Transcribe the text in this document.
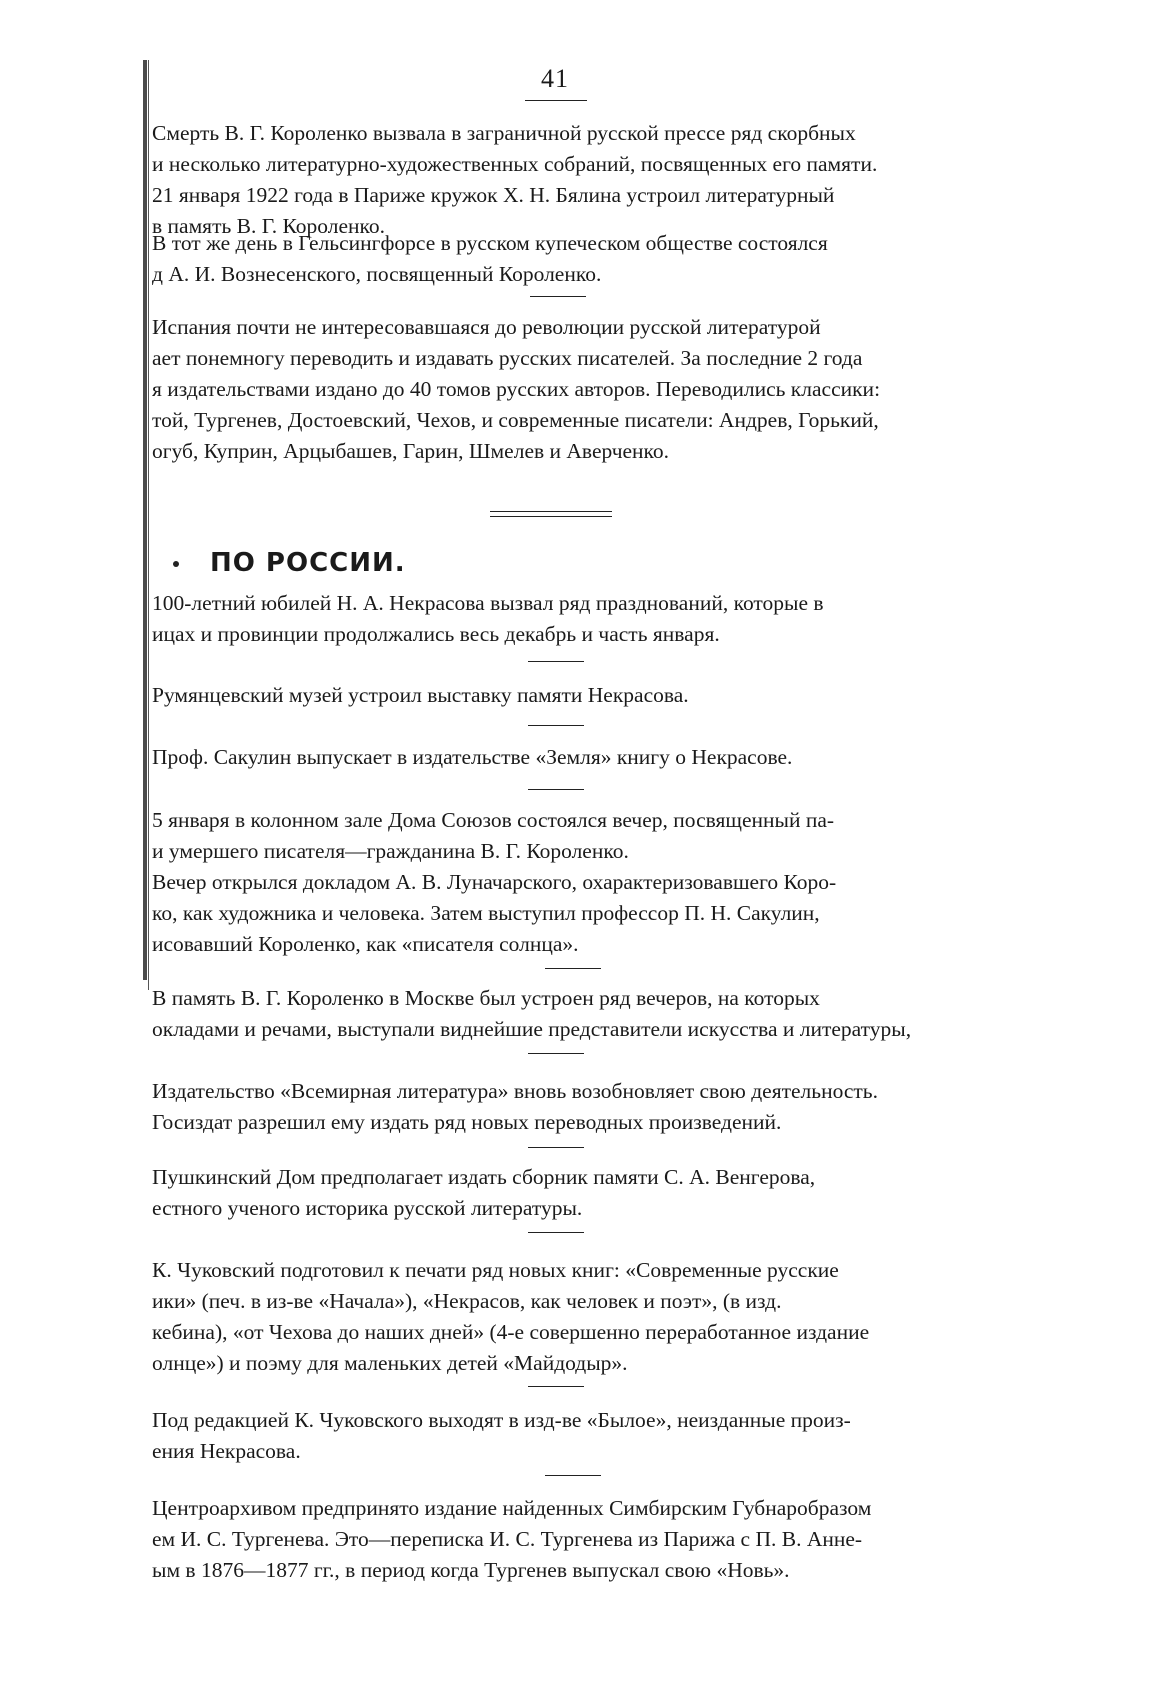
41

Смерть В. Г. Короленко вызвала в заграничной русской прессе ряд скорбных
и несколько литературно-художественных собраний, посвященных его памяти.
21 января 1922 года в Париже кружок X. Н. Бялина устроил литературный
в память В. Г. Короленко.

В тот же день в Гельсингфорсе в русском купеческом обществе состоялся
д А. И. Вознесенского, посвященный Короленко.

Испания почти не интересовавшаяся до революции русской литературой
ает понемногу переводить и издавать русских писателей. За последние 2 года
я издательствами издано до 40 томов русских авторов. Переводились классики:
той, Тургенев, Достоевский, Чехов, и современные писатели: Андрев, Горький,
огуб, Куприн, Арцыбашев, Гарин, Шмелев и Аверченко.

ПО РОССИИ.

100-летний юбилей Н. А. Некрасова вызвал ряд празднований, которые в
ицах и провинции продолжались весь декабрь и часть января.

Румянцевский музей устроил выставку памяти Некрасова.

Проф. Сакулин выпускает в издательстве «Земля» книгу о Некрасове.

5 января в колонном зале Дома Союзов состоялся вечер, посвященный па-
и умершего писателя—гражданина В. Г. Короленко.
Вечер открылся докладом А. В. Луначарского, охарактеризовавшего Коро-
ко, как художника и человека. Затем выступил профессор П. Н. Сакулин,
исовавший Короленко, как «писателя солнца».

В память В. Г. Короленко в Москве был устроен ряд вечеров, на которых
окладами и речами, выступали виднейшие представители искусства и литературы,

Издательство «Всемирная литература» вновь возобновляет свою деятельность.
Госиздат разрешил ему издать ряд новых переводных произведений.

Пушкинский Дом предполагает издать сборник памяти С. А. Венгерова,
естного ученого историка русской литературы.

К. Чуковский подготовил к печати ряд новых книг: «Современные русские
ики» (печ. в из-ве «Начала»), «Некрасов, как человек и поэт», (в изд.
кебина), «от Чехова до наших дней» (4-е совершенно переработанное издание
олнце») и поэму для маленьких детей «Майдодыр».

Под редакцией К. Чуковского выходят в изд-ве «Былое», неизданные произ-
ения Некрасова.

Центроархивом предпринято издание найденных Симбирским Губнаробразом
ем И. С. Тургенева. Это—переписка И. С. Тургенева из Парижа с П. В. Анне-
ым в 1876—1877 гг., в период когда Тургенев выпускал свою «Новь».
